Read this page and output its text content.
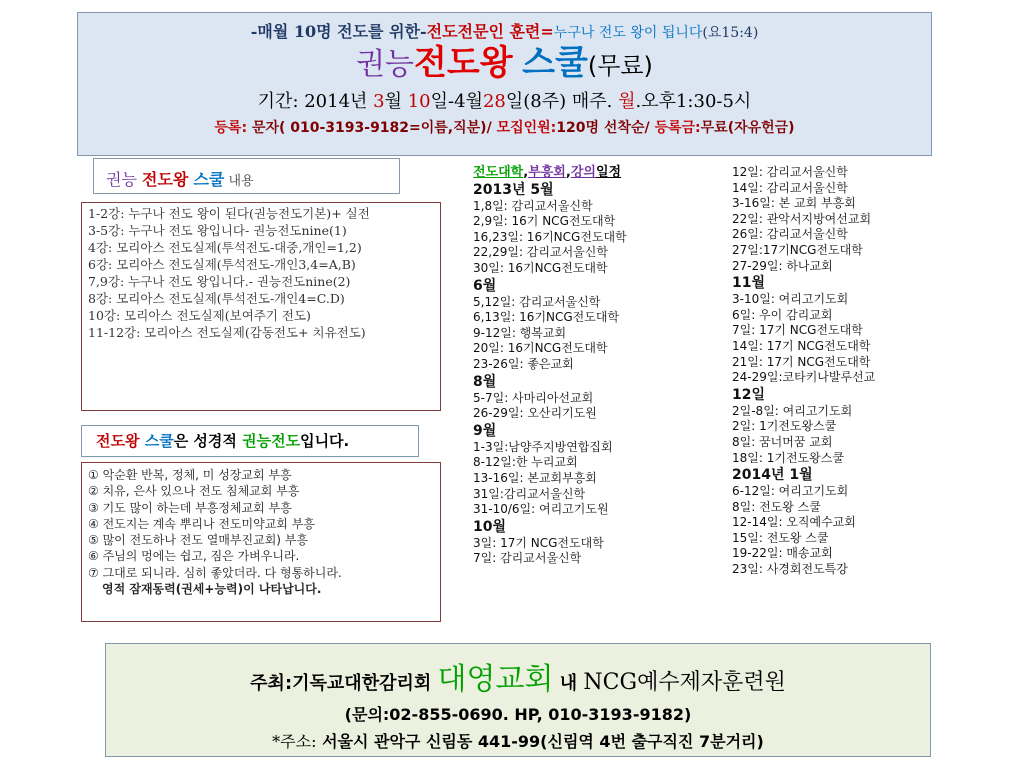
-매월 10명 전도를 위한-전도전문인 훈련=누구나 전도 왕이 됩니다(요15:4)
권능전도왕 스쿨(무료)
기간: 2014년 3월 10일-4월28일(8주) 매주. 월.오후1:30-5시
등록: 문자( 010-3193-9182=이름,직분)/ 모집인원:120명 선착순/ 등록금:무료(자유헌금)
권능 전도왕 스쿨 내용
1-2강: 누구나 전도 왕이 된다(권능전도기본)+ 실전
3-5강: 누구나 전도 왕입니다- 권능전도nine(1)
4강: 모리아스 전도실제(투석전도-대중,개인=1,2)
6강: 모리아스 전도실제(투석전도-개인3,4=A,B)
7,9강: 누구나 전도 왕입니다.- 권능전도nine(2)
8강: 모리아스 전도실제(투석전도-개인4=C.D)
10강: 모리아스 전도실제(보여주기 전도)
11-12강: 모리아스 전도실제(감동전도+ 치유전도)
전도왕 스쿨은 성경적 권능전도입니다.
① 악순환 반복, 정체, 미 성장교회 부흥
② 치유, 은사 있으나 전도 침체교회 부흥
③ 기도 많이 하는데 부흥정체교회 부흥
④ 전도지는 계속 뿌리나 전도미약교회 부흥
⑤ 많이 전도하나 전도 열매부진교회) 부흥
⑥ 주님의 멍에는 쉽고, 짐은 가벼우니라.
⑦ 그대로 되니라. 심히 좋았더라. 다 형통하니라.
영적 잠재동력(권세+능력)이 나타납니다.
전도대학,부흥회,강의일정
2013년 5월
1,8일: 감리교서울신학
2,9일: 16기 NCG전도대학
16,23일: 16기NCG전도대학
22,29일: 감리교서울신학
30일: 16기NCG전도대학
6월
5,12일: 감리교서울신학
6,13일: 16기NCG전도대학
9-12일: 행복교회
20일: 16기NCG전도대학
23-26일: 좋은교회
8월
5-7일: 사마리아선교회
26-29일: 오산리기도원
9월
1-3일:남양주지방연합집회
8-12일:한 누리교회
13-16일: 본교회부흥회
31일:감리교서울신학
31-10/6일: 여리고기도원
10월
3일: 17기 NCG전도대학
7일: 감리교서울신학
12일: 감리교서울신학
14일: 감리교서울신학
3-16일: 본 교회 부흥회
22일: 관악서지방여선교회
26일: 감리교서울신학
27일:17기NCG전도대학
27-29일: 하나교회
11월
3-10일: 여리고기도회
6일: 우이 감리교회
7일: 17기 NCG전도대학
14일: 17기 NCG전도대학
21일: 17기 NCG전도대학
24-29일:코타키나발루선교
12일
2일-8일: 여리고기도회
2일: 1기전도왕스쿨
8일: 꿈너머꿈 교회
18일: 1기전도왕스쿨
2014년 1월
6-12일: 여리고기도회
8일: 전도왕 스쿨
12-14일: 오직예수교회
15일: 전도왕 스쿨
19-22일: 매송교회
23일: 사경회전도특강
주최:기독교대한감리회 대영교회 내 NCG예수제자훈련원
(문의:02-855-0690. HP, 010-3193-9182)
*주소: 서울시 관악구 신림동 441-99(신림역 4번 출구직진 7분거리)
